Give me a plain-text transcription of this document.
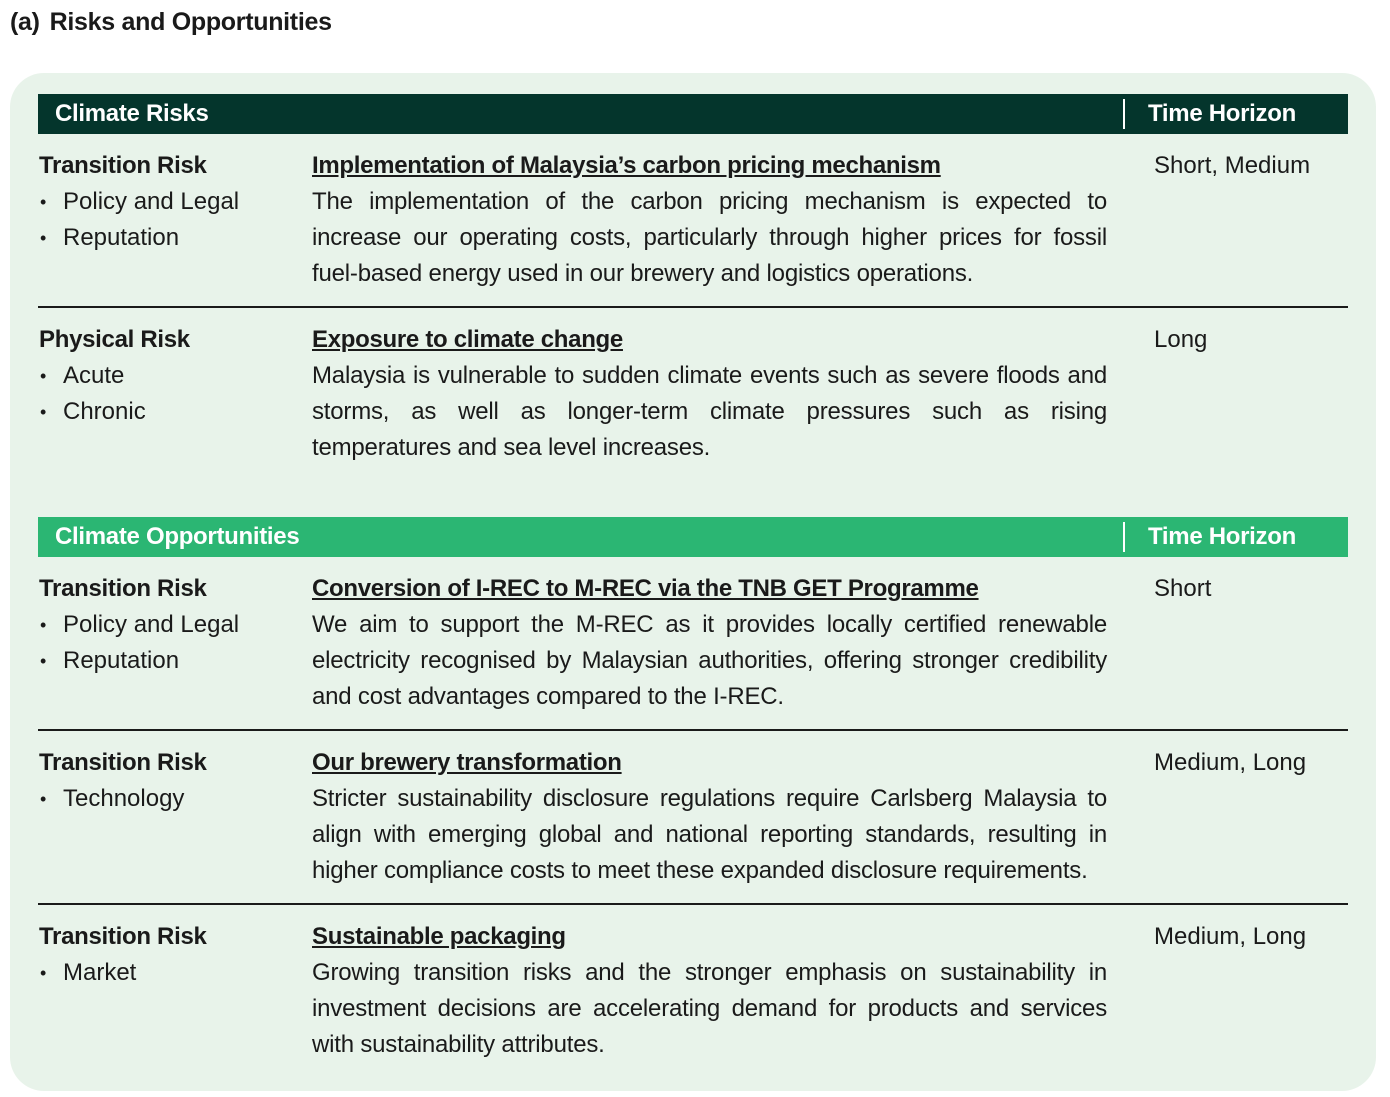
(a) Risks and Opportunities
Climate Risks	Time Horizon
Transition Risk
• Policy and Legal
• Reputation
Implementation of Malaysia’s carbon pricing mechanism
The implementation of the carbon pricing mechanism is expected to increase our operating costs, particularly through higher prices for fossil fuel-based energy used in our brewery and logistics operations.
Short, Medium
Physical Risk
• Acute
• Chronic
Exposure to climate change
Malaysia is vulnerable to sudden climate events such as severe floods and storms, as well as longer-term climate pressures such as rising temperatures and sea level increases.
Long
Climate Opportunities	Time Horizon
Transition Risk
• Policy and Legal
• Reputation
Conversion of I-REC to M-REC via the TNB GET Programme
We aim to support the M-REC as it provides locally certified renewable electricity recognised by Malaysian authorities, offering stronger credibility and cost advantages compared to the I-REC.
Short
Transition Risk
• Technology
Our brewery transformation
Stricter sustainability disclosure regulations require Carlsberg Malaysia to align with emerging global and national reporting standards, resulting in higher compliance costs to meet these expanded disclosure requirements.
Medium, Long
Transition Risk
• Market
Sustainable packaging
Growing transition risks and the stronger emphasis on sustainability in investment decisions are accelerating demand for products and services with sustainability attributes.
Medium, Long
